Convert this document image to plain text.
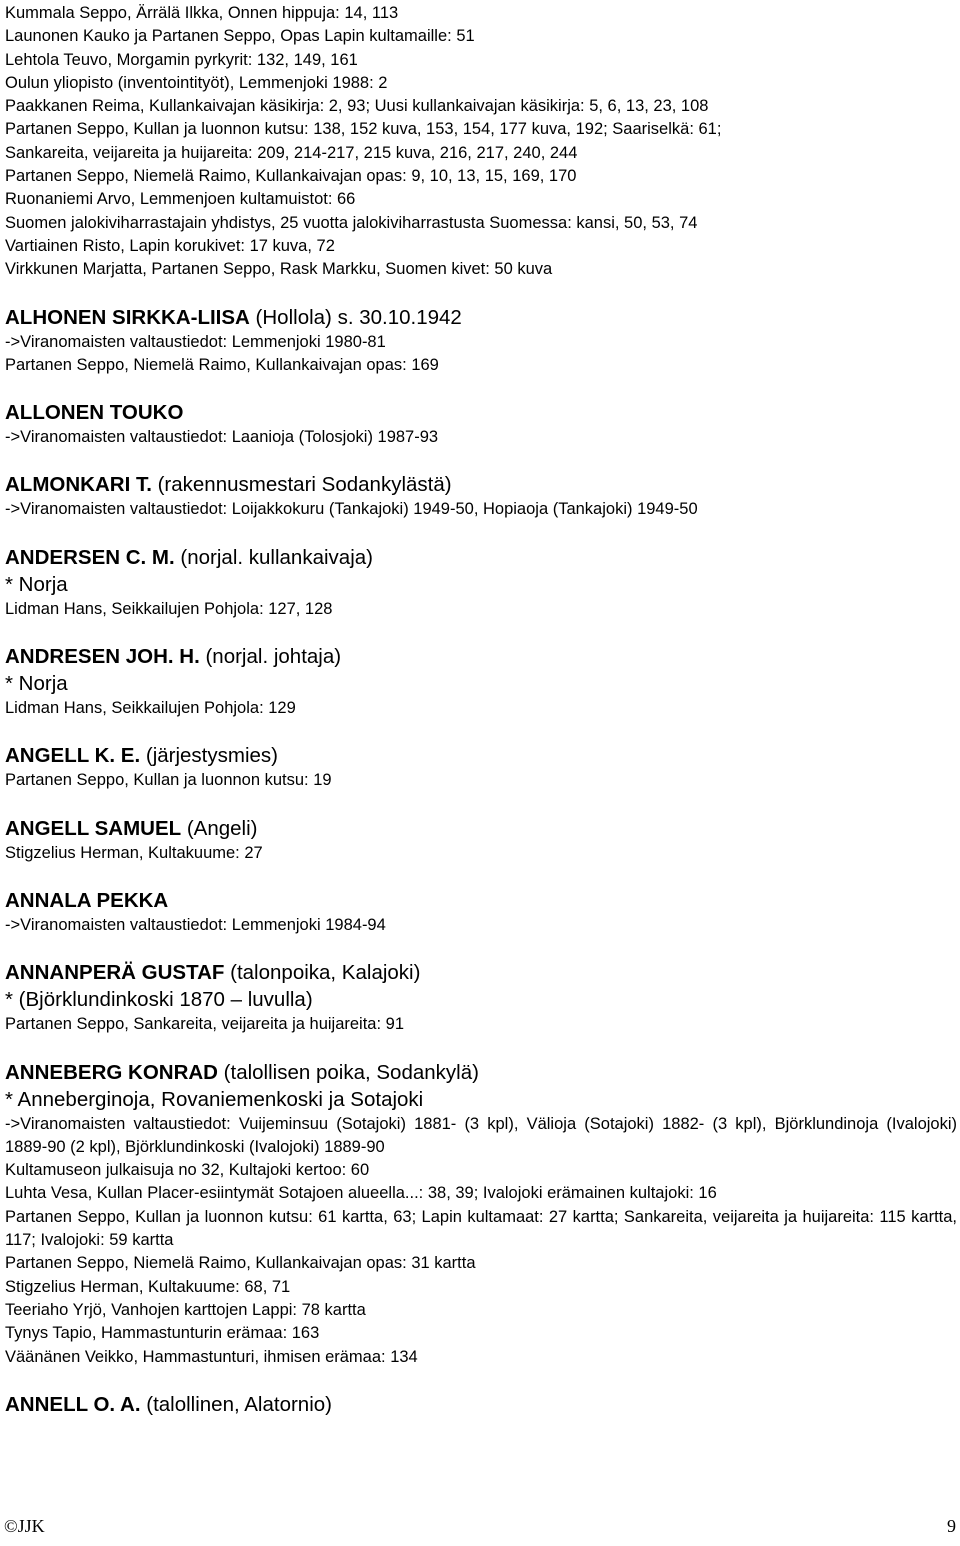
Kummala Seppo, Ärrälä Ilkka, Onnen hippuja: 14, 113
Launonen Kauko ja Partanen Seppo, Opas Lapin kultamaille: 51
Lehtola Teuvo, Morgamin pyrkyrit: 132, 149, 161
Oulun yliopisto (inventointityöt), Lemmenjoki 1988: 2
Paakkanen Reima, Kullankaivajan käsikirja: 2, 93; Uusi kullankaivajan käsikirja: 5, 6, 13, 23, 108
Partanen Seppo, Kullan ja luonnon kutsu: 138, 152 kuva, 153, 154, 177 kuva, 192; Saariselkä: 61;
Sankareita, veijareita ja huijareita: 209, 214-217, 215 kuva, 216, 217, 240, 244
Partanen Seppo, Niemelä Raimo, Kullankaivajan opas: 9, 10, 13, 15, 169, 170
Ruonaniemi Arvo, Lemmenjoen kultamuistot: 66
Suomen jalokiviharrastajain yhdistys, 25 vuotta jalokiviharrastusta Suomessa: kansi, 50, 53, 74
Vartiainen Risto, Lapin korukivet: 17 kuva, 72
Virkkunen Marjatta, Partanen Seppo, Rask Markku, Suomen kivet: 50 kuva
ALHONEN SIRKKA-LIISA (Hollola) s. 30.10.1942
->Viranomaisten valtaustiedot: Lemmenjoki 1980-81
Partanen Seppo, Niemelä Raimo, Kullankaivajan opas: 169
ALLONEN TOUKO
->Viranomaisten valtaustiedot: Laanioja (Tolosjoki) 1987-93
ALMONKARI T. (rakennusmestari Sodankylästä)
->Viranomaisten valtaustiedot: Loijakkokuru (Tankajoki) 1949-50, Hopiaoja (Tankajoki) 1949-50
ANDERSEN C. M. (norjal. kullankaivaja)
* Norja
Lidman Hans, Seikkailujen Pohjola: 127, 128
ANDRESEN JOH. H. (norjal. johtaja)
* Norja
Lidman Hans, Seikkailujen Pohjola: 129
ANGELL K. E. (järjestysmies)
Partanen Seppo, Kullan ja luonnon kutsu: 19
ANGELL SAMUEL (Angeli)
Stigzelius Herman, Kultakuume: 27
ANNALA PEKKA
->Viranomaisten valtaustiedot: Lemmenjoki 1984-94
ANNANPERÄ GUSTAF (talonpoika, Kalajoki)
* (Björklundinkoski 1870 – luvulla)
Partanen Seppo, Sankareita, veijareita ja huijareita: 91
ANNEBERG KONRAD (talollisen poika, Sodankylä)
* Anneberginoja, Rovaniemenkoski ja Sotajoki
->Viranomaisten valtaustiedot: Vuijeminsuu (Sotajoki) 1881- (3 kpl), Välioja (Sotajoki) 1882- (3 kpl), Björklundinoja (Ivalojoki) 1889-90 (2 kpl), Björklundinkoski (Ivalojoki) 1889-90
Kultamuseon julkaisuja no 32, Kultajoki kertoo: 60
Luhta Vesa, Kullan Placer-esiintymät Sotajoen alueella...: 38, 39; Ivalojoki erämainen kultajoki: 16
Partanen Seppo, Kullan ja luonnon kutsu: 61 kartta, 63; Lapin kultamaat: 27 kartta; Sankareita, veijareita ja huijareita: 115 kartta, 117; Ivalojoki: 59 kartta
Partanen Seppo, Niemelä Raimo, Kullankaivajan opas: 31 kartta
Stigzelius Herman, Kultakuume: 68, 71
Teeriaho Yrjö, Vanhojen karttojen Lappi: 78 kartta
Tynys Tapio, Hammastunturin erämaa: 163
Väänänen Veikko, Hammastunturi, ihmisen erämaa: 134
ANNELL O. A. (talollinen, Alatornio)
©JJK	9
